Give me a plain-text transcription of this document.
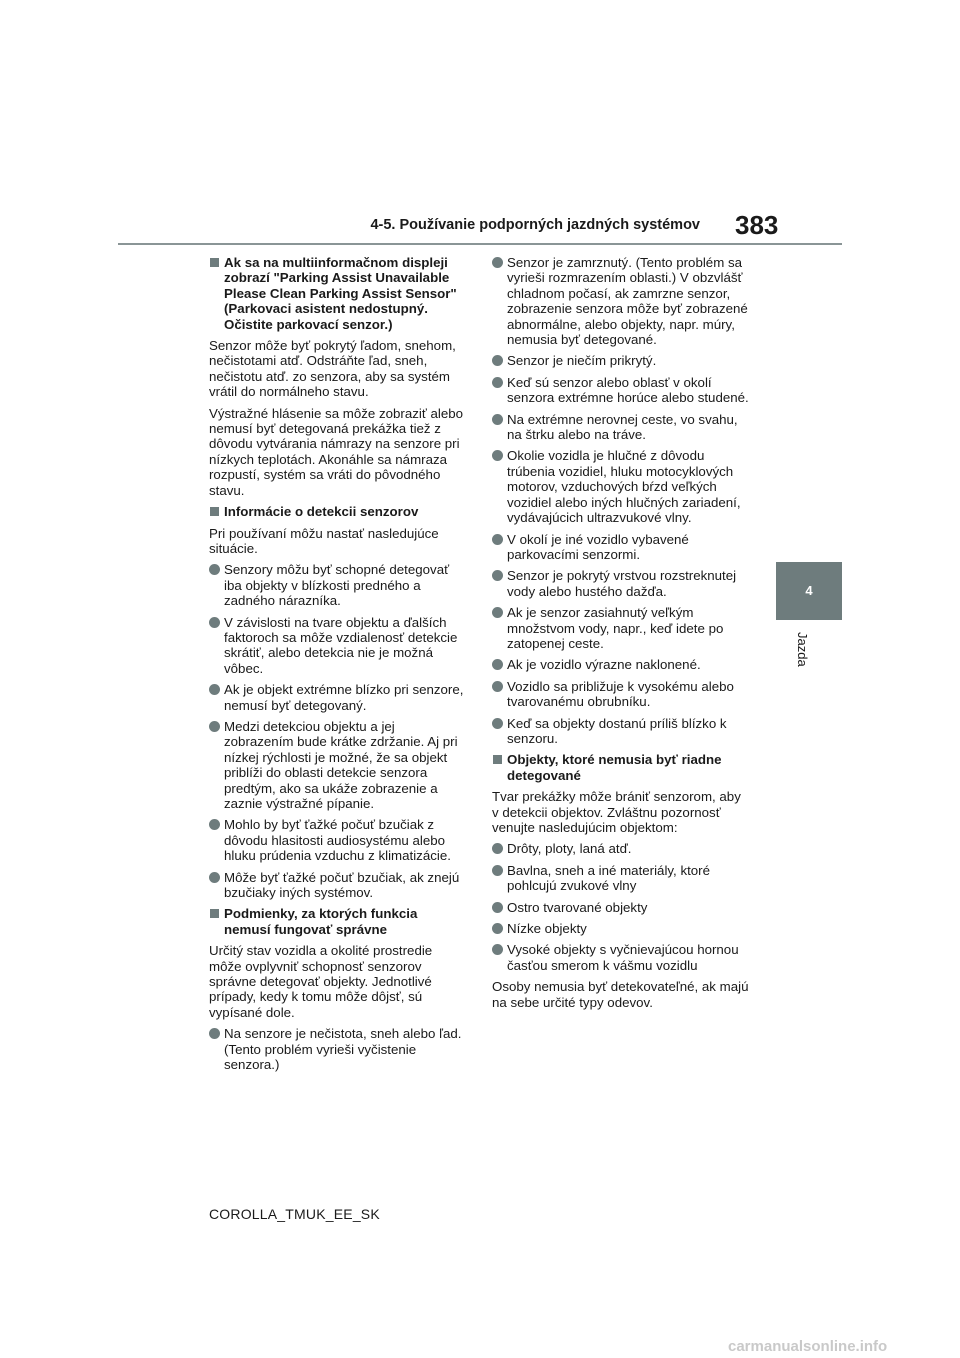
4-5. Používanie podporných jazdných systémov 383
4
Jazda

Ak sa na multiinformačnom displeji zobrazí "Parking Assist Unavailable Please Clean Parking Assist Sensor" (Parkovaci asistent nedostupný. Očistite parkovací senzor.)

Senzor môže byť pokrytý ľadom, snehom, nečistotami atď. Odstráňte ľad, sneh, nečistotu atď. zo senzora, aby sa systém vrátil do normálneho stavu.

Výstražné hlásenie sa môže zobraziť alebo nemusí byť detegovaná prekážka tiež z dôvodu vytvárania námrazy na senzore pri nízkych teplotách. Akonáhle sa námraza rozpustí, systém sa vráti do pôvodného stavu.

Informácie o detekcii senzorov

Pri používaní môžu nastať nasledujúce situácie.

Senzory môžu byť schopné detegovať iba objekty v blízkosti predného a zadného nárazníka.

V závislosti na tvare objektu a ďalších faktoroch sa môže vzdialenosť detekcie skrátiť, alebo detekcia nie je možná vôbec.

Ak je objekt extrémne blízko pri senzore, nemusí byť detegovaný.

Medzi detekciou objektu a jej zobrazením bude krátke zdržanie. Aj pri nízkej rýchlosti je možné, že sa objekt priblíži do oblasti detekcie senzora predtým, ako sa ukáže zobrazenie a zaznie výstražné pípanie.

Mohlo by byť ťažké počuť bzučiak z dôvodu hlasitosti audiosystému alebo hluku prúdenia vzduchu z klimatizácie.

Môže byť ťažké počuť bzučiak, ak znejú bzučiaky iných systémov.

Podmienky, za ktorých funkcia nemusí fungovať správne

Určitý stav vozidla a okolité prostredie môže ovplyvniť schopnosť senzorov správne detegovať objekty. Jednotlivé prípady, kedy k tomu môže dôjsť, sú vypísané dole.

Na senzore je nečistota, sneh alebo ľad. (Tento problém vyrieši vyčistenie senzora.)

Senzor je zamrznutý. (Tento problém sa vyrieši rozmrazením oblasti.) V obzvlášť chladnom počasí, ak zamrzne senzor, zobrazenie senzora môže byť zobrazené abnormálne, alebo objekty, napr. múry, nemusia byť detegované.

Senzor je niečím prikrytý.

Keď sú senzor alebo oblasť v okolí senzora extrémne horúce alebo studené.

Na extrémne nerovnej ceste, vo svahu, na štrku alebo na tráve.

Okolie vozidla je hlučné z dôvodu trúbenia vozidiel, hluku motocyklových motorov, vzduchových bŕzd veľkých vozidiel alebo iných hlučných zariadení, vydávajúcich ultrazvukové vlny.

V okolí je iné vozidlo vybavené parkovacími senzormi.

Senzor je pokrytý vrstvou rozstreknutej vody alebo hustého dažďa.

Ak je senzor zasiahnutý veľkým množstvom vody, napr., keď idete po zatopenej ceste.

Ak je vozidlo výrazne naklonené.

Vozidlo sa približuje k vysokému alebo tvarovanému obrubníku.

Keď sa objekty dostanú príliš blízko k senzoru.

Objekty, ktoré nemusia byť riadne detegované

Tvar prekážky môže brániť senzorom, aby v detekcii objektov. Zvláštnu pozornosť venujte nasledujúcim objektom:

Drôty, ploty, laná atď.

Bavlna, sneh a iné materiály, ktoré pohlcujú zvukové vlny

Ostro tvarované objekty

Nízke objekty

Vysoké objekty s vyčnievajúcou hornou časťou smerom k vášmu vozidlu

Osoby nemusia byť detekovateľné, ak majú na sebe určité typy odevov.

COROLLA_TMUK_EE_SK
carmanualsonline.info
